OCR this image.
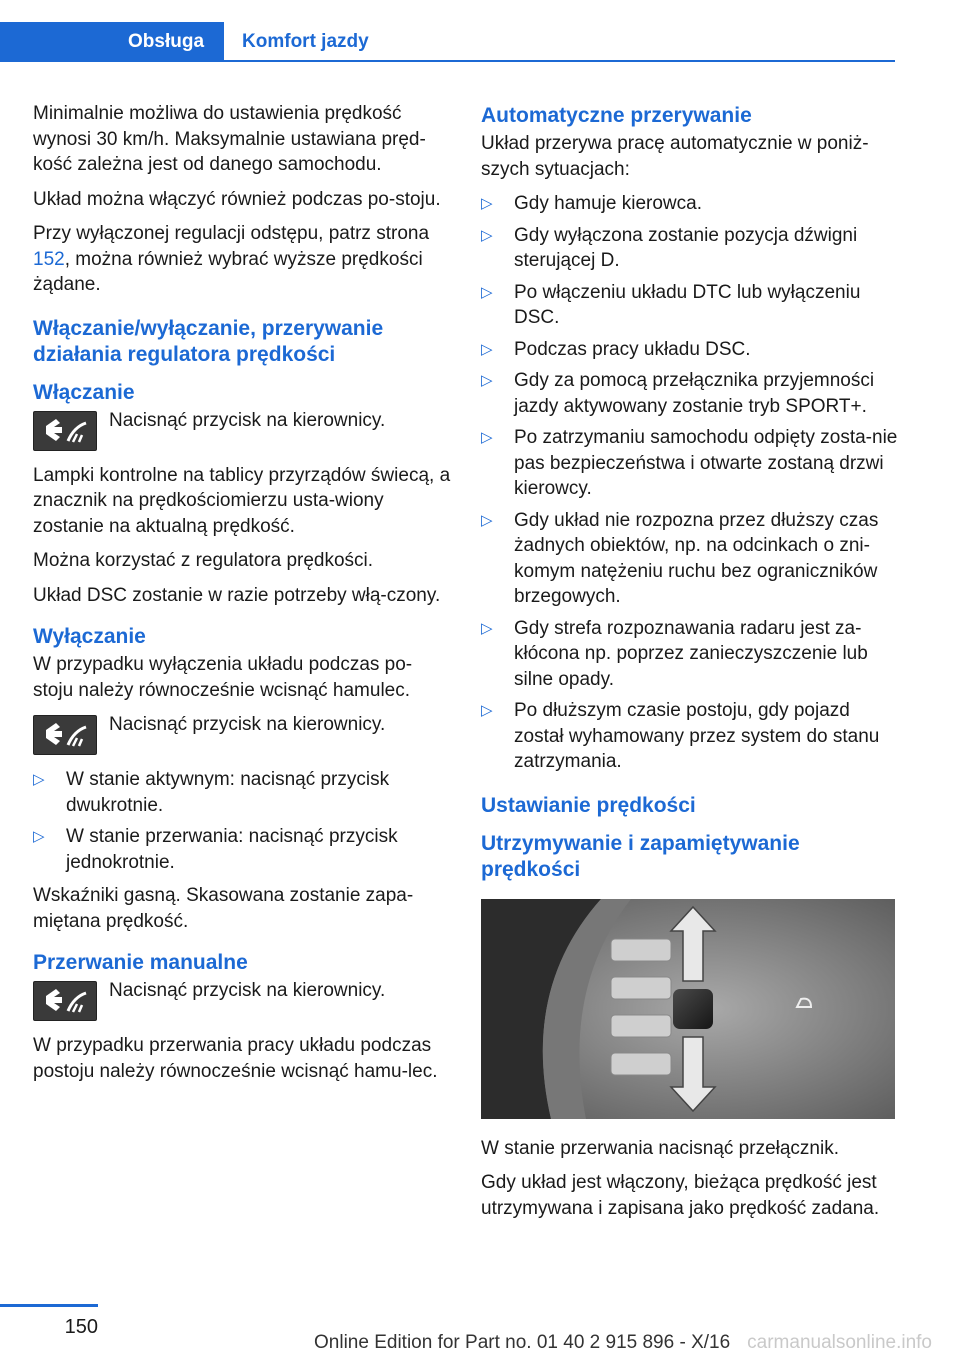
Obsługa	Komfort jazdy

Minimalnie możliwa do ustawienia prędkość wynosi 30 km/h. Maksymalnie ustawiana pręd‐kość zależna jest od danego samochodu.

Układ można włączyć również podczas po‐stoju.

Przy wyłączonej regulacji odstępu, patrz strona 152, można również wybrać wyższe prędkości żądane.

Włączanie/wyłączanie, przerywanie działania regulatora prędkości
Włączanie

Nacisnąć przycisk na kierownicy.

Lampki kontrolne na tablicy przyrządów świecą, a znacznik na prędkościomierzu usta‐wiony zostanie na aktualną prędkość.

Można korzystać z regulatora prędkości.

Układ DSC zostanie w razie potrzeby włą‐czony.

Wyłączanie

W przypadku wyłączenia układu podczas po‐stoju należy równocześnie wcisnąć hamulec.

Nacisnąć przycisk na kierownicy.

▷ W stanie aktywnym: nacisnąć przycisk dwukrotnie.
▷ W stanie przerwania: nacisnąć przycisk jednokrotnie.

Wskaźniki gasną. Skasowana zostanie zapa‐miętana prędkość.

Przerwanie manualne

Nacisnąć przycisk na kierownicy.

W przypadku przerwania pracy układu podczas postoju należy równocześnie wcisnąć hamu‐lec.

Automatyczne przerywanie

Układ przerywa pracę automatycznie w poniż‐szych sytuacjach:

▷ Gdy hamuje kierowca.
▷ Gdy wyłączona zostanie pozycja dźwigni sterującej D.
▷ Po włączeniu układu DTC lub wyłączeniu DSC.
▷ Podczas pracy układu DSC.
▷ Gdy za pomocą przełącznika przyjemności jazdy aktywowany zostanie tryb SPORT+.
▷ Po zatrzymaniu samochodu odpięty zosta‐nie pas bezpieczeństwa i otwarte zostaną drzwi kierowcy.
▷ Gdy układ nie rozpozna przez dłuższy czas żadnych obiektów, np. na odcinkach o zni‐komym natężeniu ruchu bez ograniczników brzegowych.
▷ Gdy strefa rozpoznawania radaru jest za‐kłócona np. poprzez zanieczyszczenie lub silne opady.
▷ Po dłuższym czasie postoju, gdy pojazd został wyhamowany przez system do stanu zatrzymania.
Ustawianie prędkości
Utrzymywanie i zapamiętywanie prędkości

W stanie przerwania nacisnąć przełącznik.

Gdy układ jest włączony, bieżąca prędkość jest utrzymywana i zapisana jako prędkość zadana.

150
Online Edition for Part no. 01 40 2 915 896 - X/16 carmanualsonline.info
